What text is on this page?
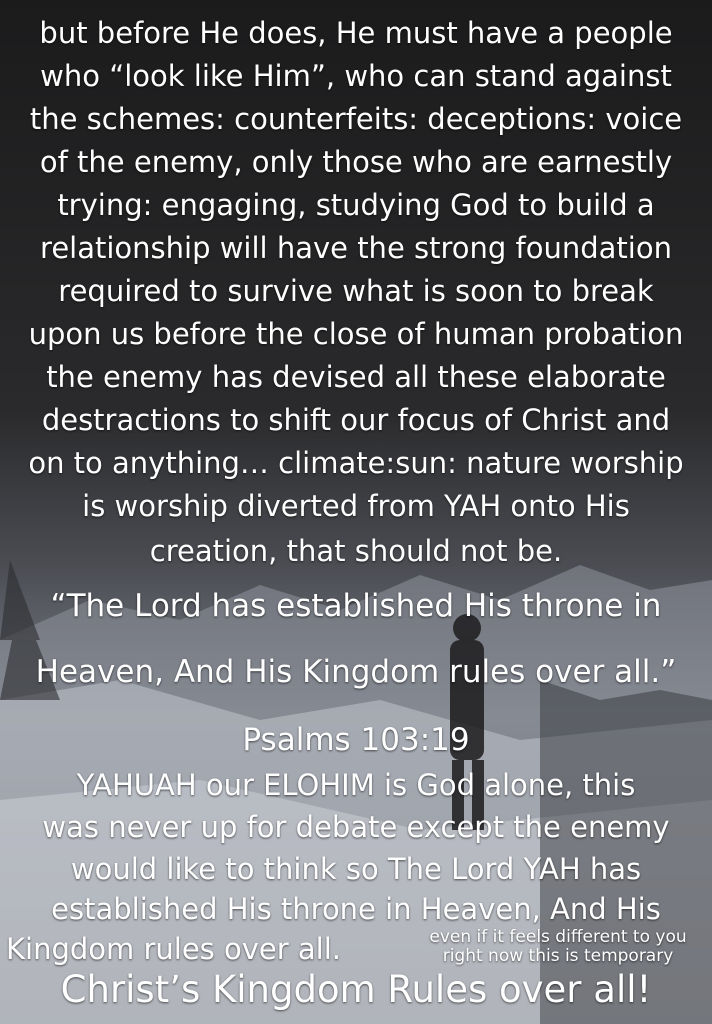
but before He does, He must have a people

who “look like Him”, who can stand against

the schemes: counterfeits: deceptions: voice

of the enemy, only those who are earnestly

trying: engaging, studying God to build a

relationship will have the strong foundation

required to survive what is soon to break

upon us before the close of human probation

the enemy has devised all these elaborate

destractions to shift our focus of Christ and

on to anything… climate:sun: nature worship

is worship diverted from YAH onto His

creation, that should not be.

“The Lord has established His throne in

Heaven, And His Kingdom rules over all.”

Psalms 103:19

YAHUAH our ELOHIM is God alone, this

was never up for debate except the enemy

would like to think so The Lord YAH has

established His throne in Heaven, And His

Kingdom rules over all.	even if it feels different to you

right now this is temporary

Christ’s Kingdom Rules over all!
